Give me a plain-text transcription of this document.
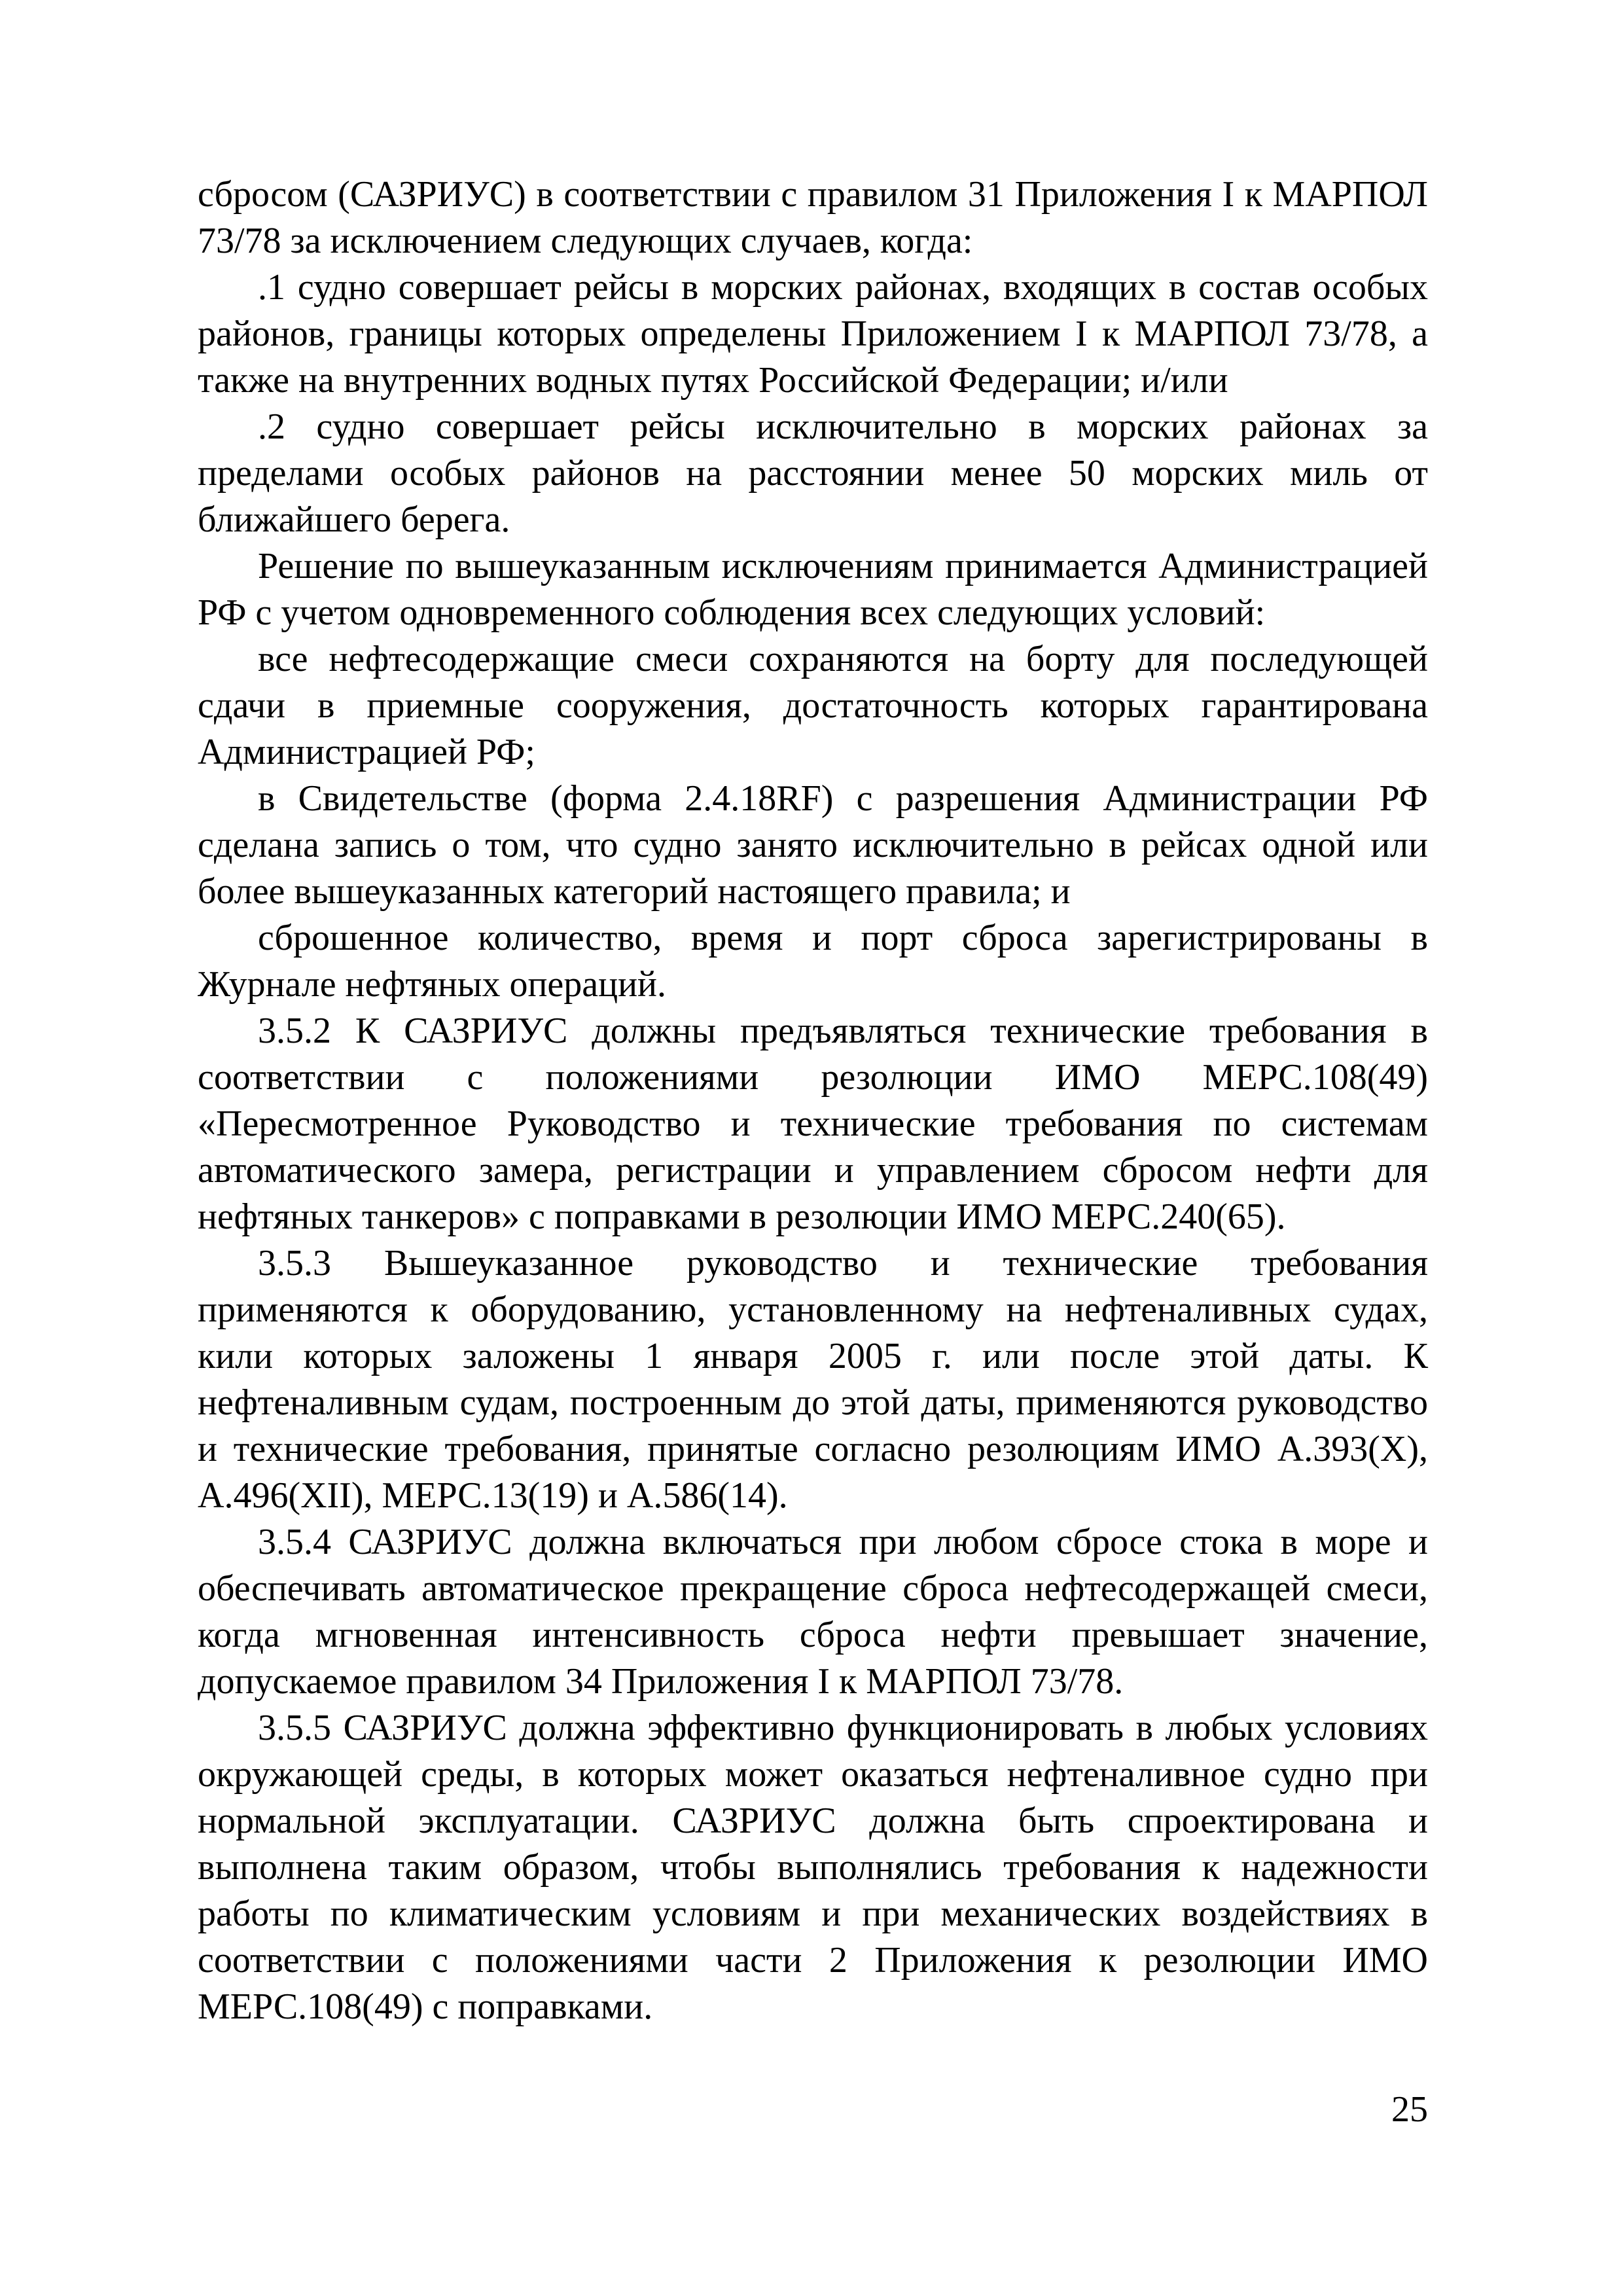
сбросом (САЗРИУС) в соответствии с правилом 31 Приложения I к МАРПОЛ 73/78 за исключением следующих случаев, когда:

.1 судно совершает рейсы в морских районах, входящих в состав особых районов, границы которых определены Приложением I к МАРПОЛ 73/78, а также на внутренних водных путях Российской Федерации; и/или

.2 судно совершает рейсы исключительно в морских районах за пределами особых районов на расстоянии менее 50 морских миль от ближайшего берега.

Решение по вышеуказанным исключениям принимается Администрацией РФ с учетом одновременного соблюдения всех следующих условий:

все нефтесодержащие смеси сохраняются на борту для последующей сдачи в приемные сооружения, достаточность которых гарантирована Администрацией РФ;

в Свидетельстве (форма 2.4.18RF) с разрешения Администрации РФ сделана запись о том, что судно занято исключительно в рейсах одной или более вышеуказанных категорий настоящего правила; и

сброшенное количество, время и порт сброса зарегистрированы в Журнале нефтяных операций.

3.5.2 К САЗРИУС должны предъявляться технические требования в соответствии с положениями резолюции ИМО МЕРС.108(49) «Пересмотренное Руководство и технические требования по системам автоматического замера, регистрации и управлением сбросом нефти для нефтяных танкеров» с поправками в резолюции ИМО МЕРС.240(65).

3.5.3 Вышеуказанное руководство и технические требования применяются к оборудованию, установленному на нефтеналивных судах, кили которых заложены 1 января 2005 г. или после этой даты. К нефтеналивным судам, построенным до этой даты, применяются руководство и технические требования, принятые согласно резолюциям ИМО А.393(X), А.496(XII), МЕРС.13(19) и А.586(14).

3.5.4 САЗРИУС должна включаться при любом сбросе стока в море и обеспечивать автоматическое прекращение сброса нефтесодержащей смеси, когда мгновенная интенсивность сброса нефти превышает значение, допускаемое правилом 34 Приложения I к МАРПОЛ 73/78.

3.5.5 САЗРИУС должна эффективно функционировать в любых условиях окружающей среды, в которых может оказаться нефтеналивное судно при нормальной эксплуатации. САЗРИУС должна быть спроектирована и выполнена таким образом, чтобы выполнялись требования к надежности работы по климатическим условиям и при механических воздействиях в соответствии с положениями части 2 Приложения к резолюции ИМО МЕРС.108(49) с поправками.

25
